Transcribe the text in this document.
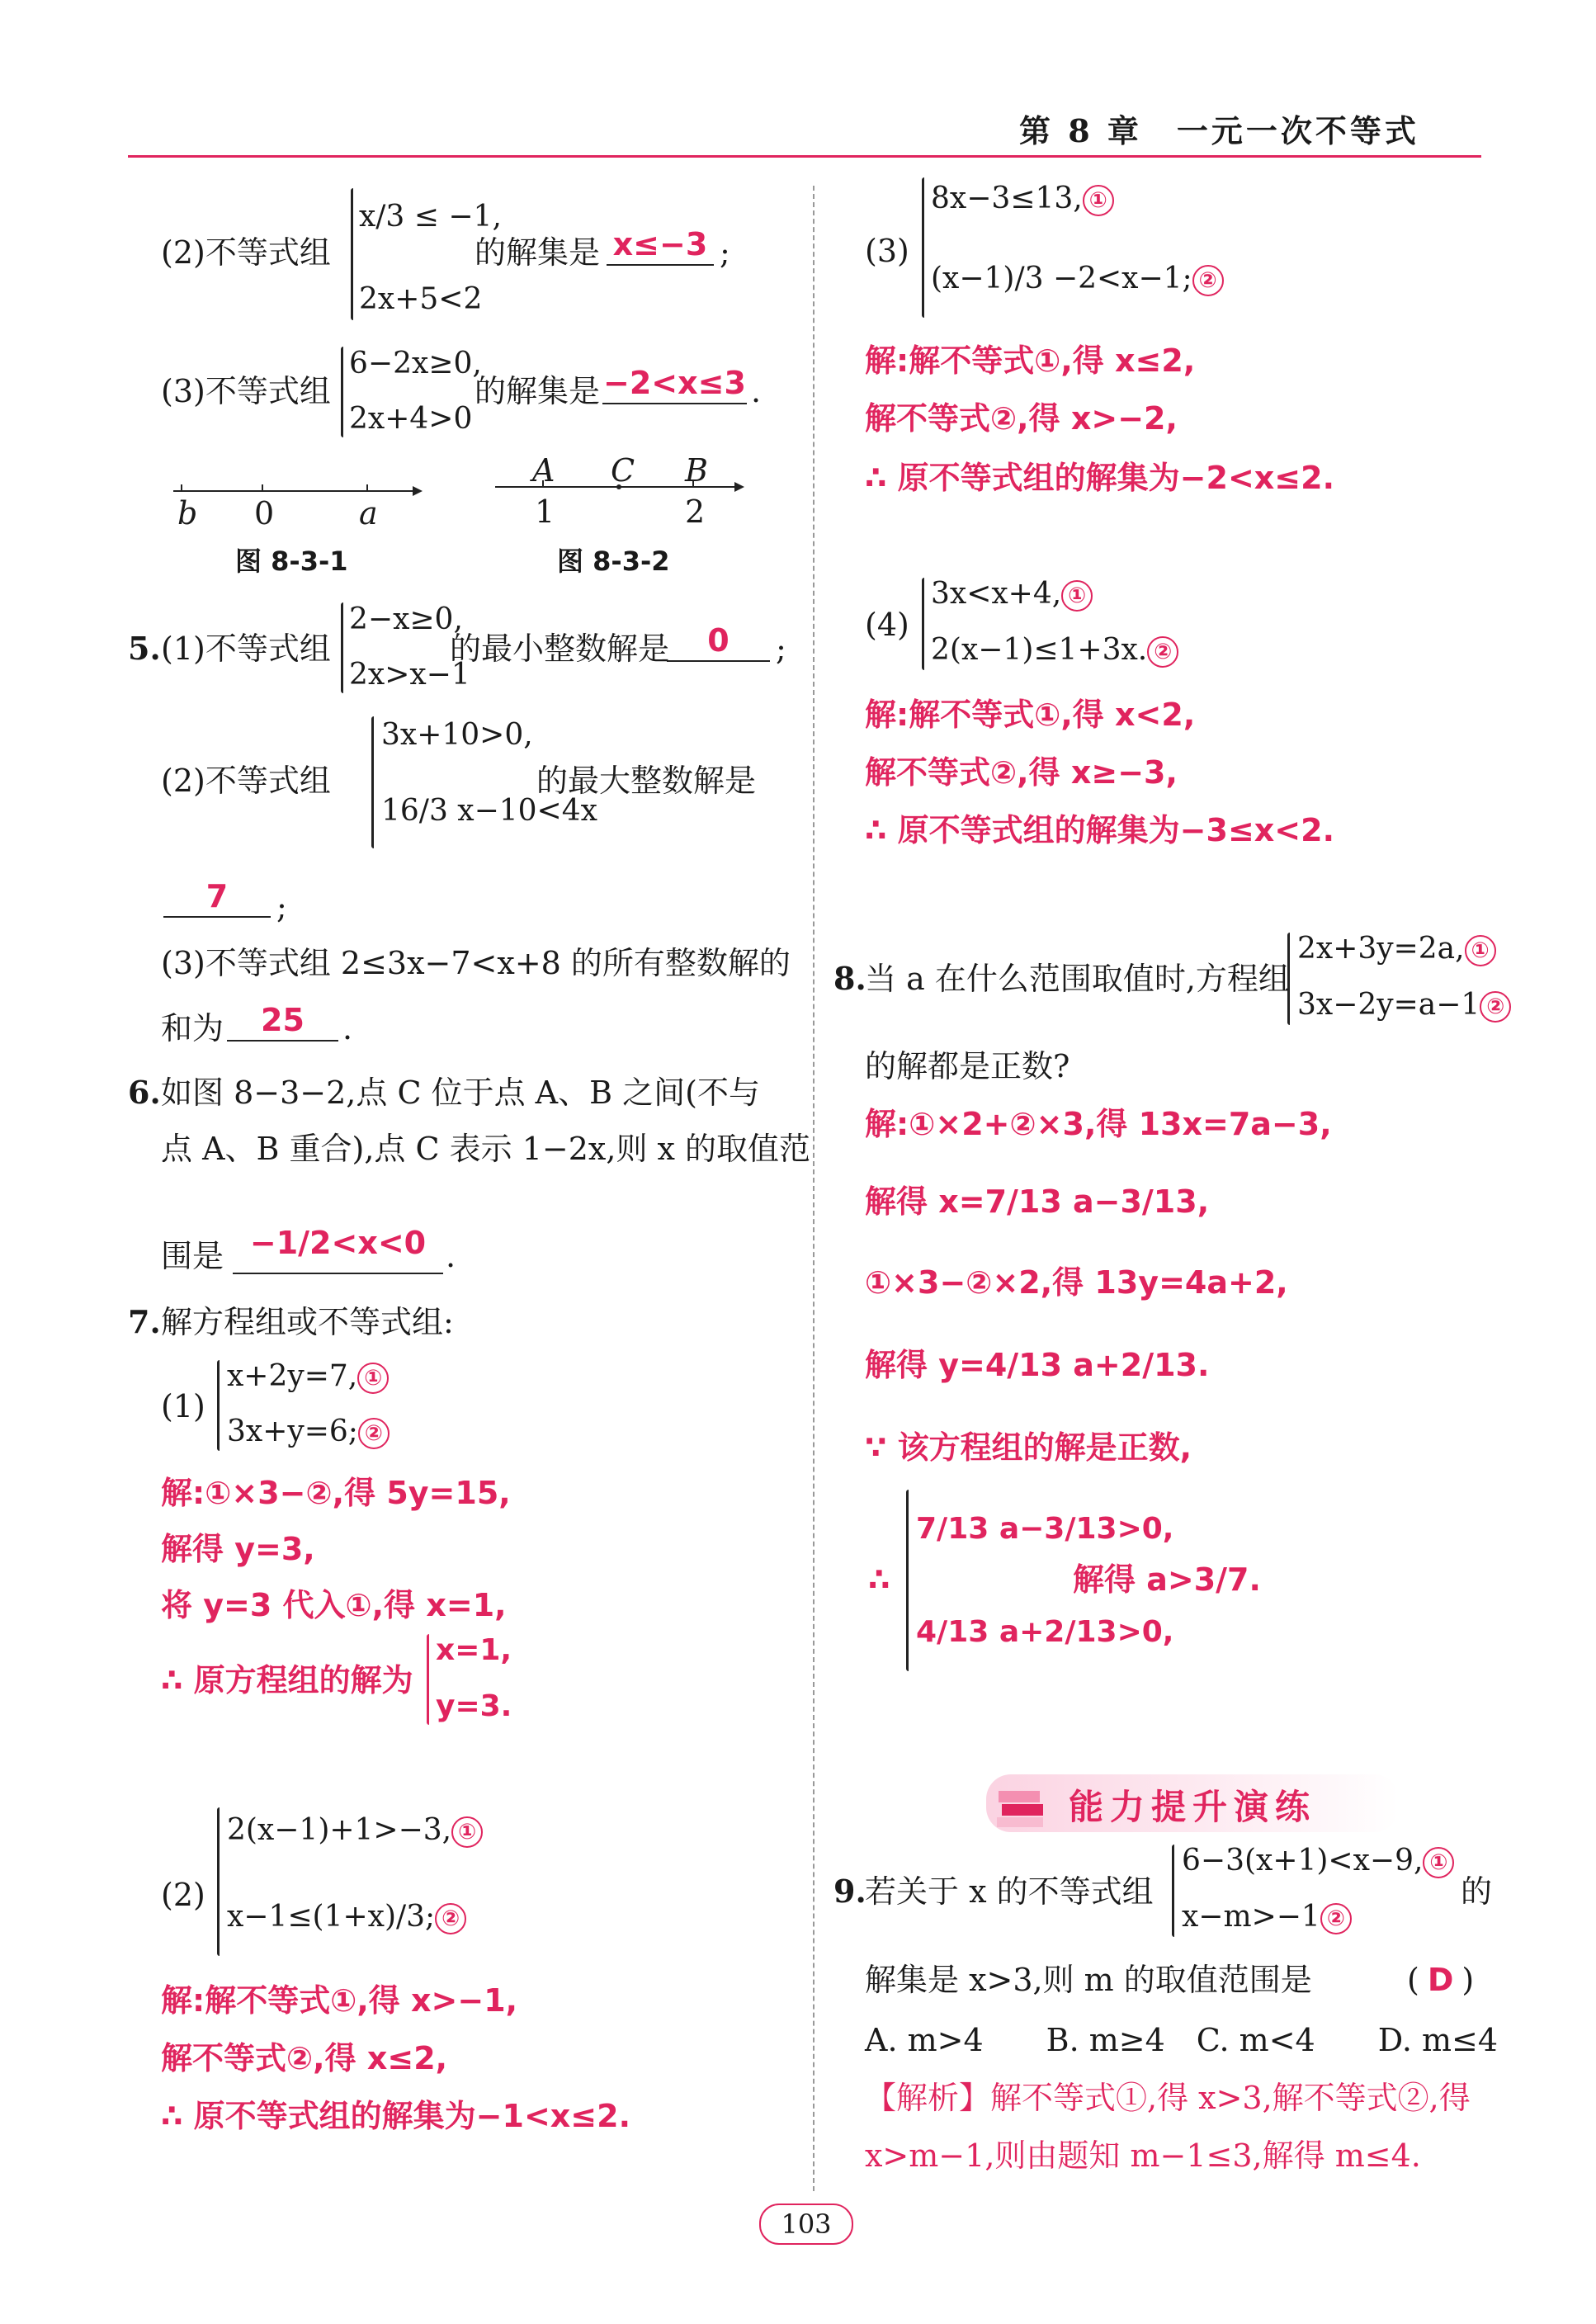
第 8 章　一元一次不等式
(2)不等式组
x/3 ≤ −1,
2x+5<2
的解集是 x≤−3 ;
(3)不等式组
6−2x≥0,
2x+4>0
的解集是 −2<x≤3 .
b 0	a
图 8-3-1
A C B
1	2
图 8-3-2
5. (1)不等式组
2−x≥0,
2x>x−1
的最小整数解是	0	;
(2)不等式组
3x+10>0,
16/3 x−10<4x
的最大整数解是
7	;
(3)不等式组 2≤3x−7<x+8 的所有整数解的
和为	25	.
6. 如图 8−3−2,点 C 位于点 A、B 之间(不与
点 A、B 重合),点 C 表示 1−2x,则 x 的取值范
围是 −1/2<x<0 .
7. 解方程组或不等式组:
(1)
x+2y=7, ①
3x+y=6; ②
解:①×3−②,得 5y=15,
解得 y=3,
将 y=3 代入①,得 x=1,
∴ 原方程组的解为
x=1,
y=3.
(2)
2(x−1)+1>−3, ①
x−1≤(1+x)/3; ②
解:解不等式①,得 x>−1,
解不等式②,得 x≤2,
∴ 原不等式组的解集为−1<x≤2.
(3)
8x−3≤13, ①
(x−1)/3 −2<x−1; ②
解:解不等式①,得 x≤2,
解不等式②,得 x>−2,
∴ 原不等式组的解集为−2<x≤2.
(4)
3x<x+4, ①
2(x−1)≤1+3x. ②
解:解不等式①,得 x<2,
解不等式②,得 x≥−3,
∴ 原不等式组的解集为−3≤x<2.
8.
当 a 在什么范围取值时,方程组
2x+3y=2a, ①
3x−2y=a−1 ②
的解都是正数?
解:①×2+②×3,得 13x=7a−3,
解得 x=7/13 a−3/13,
①×3−②×2,得 13y=4a+2,
解得 y=4/13 a+2/13.
∵ 该方程组的解是正数,
∴
7/13 a−3/13>0,
4/13 a+2/13>0,
解得 a>3/7.
能力提升演练
9.
若关于 x 的不等式组
6−3(x+1)<x−9, ①
x−m>−1 ②
的
解集是 x>3,则 m 的取值范围是	( D )
A. m>4　　B. m≥4　C. m<4　　D. m≤4
【解析】解不等式①,得 x>3,解不等式②,得
x>m−1,则由题知 m−1≤3,解得 m≤4.
103
